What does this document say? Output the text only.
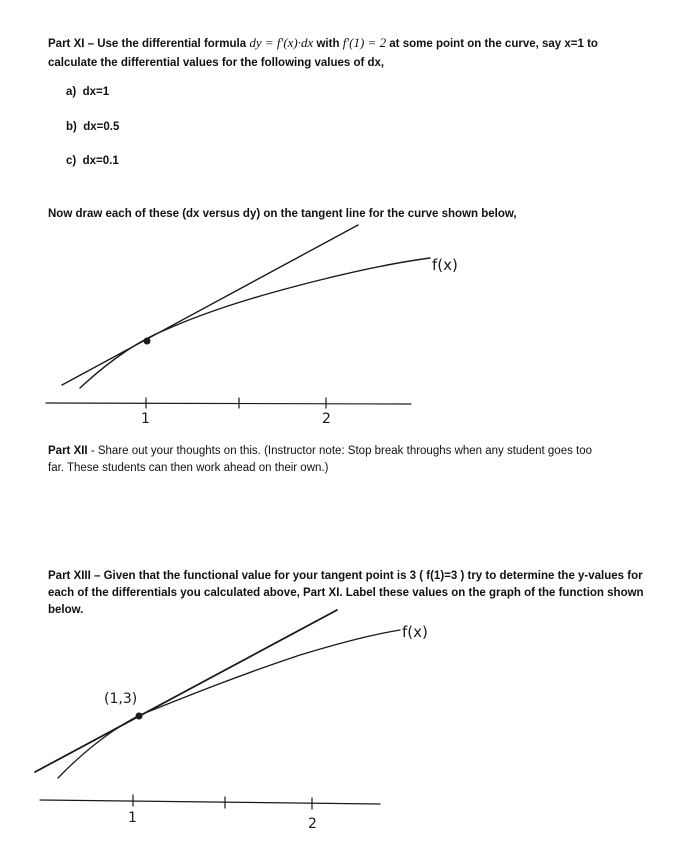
Part XI – Use the differential formula dy = f′(x)·dx with f′(1) = 2 at some point on the curve, say x=1 to
calculate the differential values for the following values of dx,
a) dx=1
b) dx=0.5
c) dx=0.1
Now draw each of these (dx versus dy) on the tangent line for the curve shown below,
f(x)
1	2
Part XII - Share out your thoughts on this. (Instructor note: Stop break throughs when any student goes too
far. These students can then work ahead on their own.)
Part XIII – Given that the functional value for your tangent point is 3 ( f(1)=3 ) try to determine the y-values for
each of the differentials you calculated above, Part XI. Label these values on the graph of the function shown
below.
f(x)
(1,3)
1	2
